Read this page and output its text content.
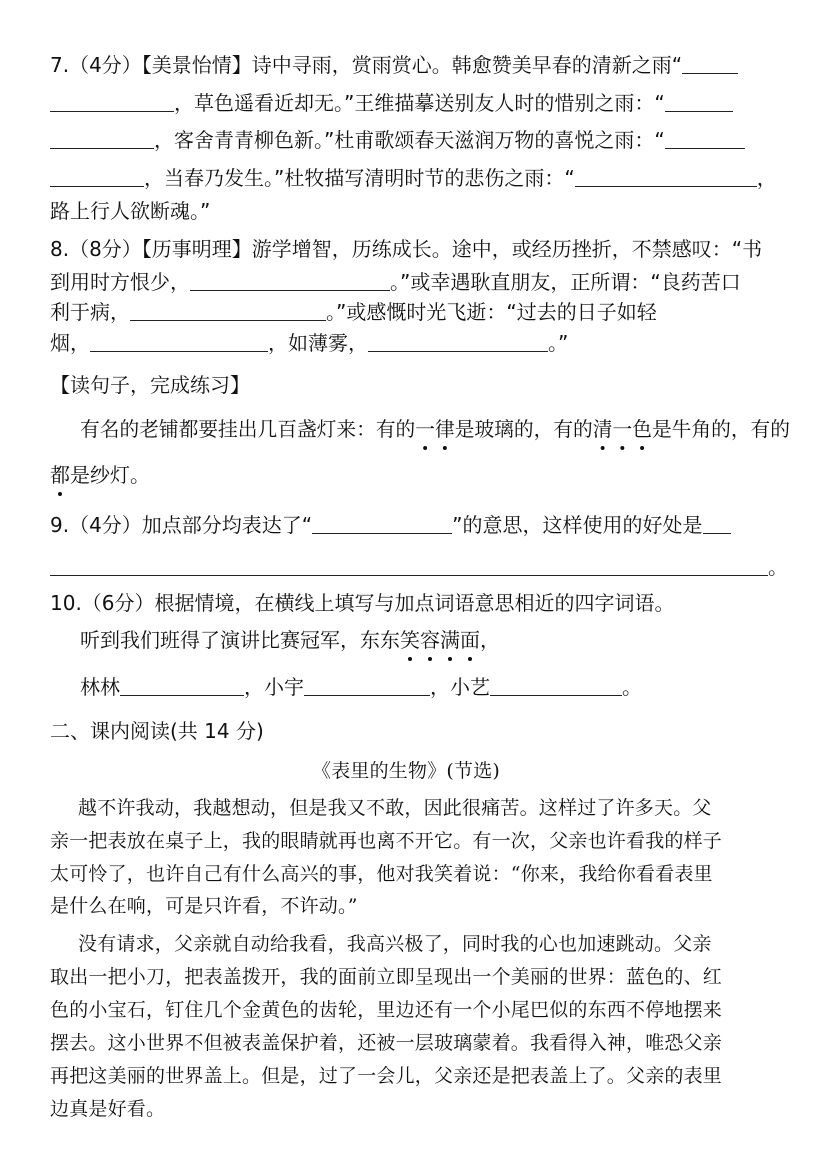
7.（4分）【美景怡情】诗中寻雨，赏雨赏心。韩愈赞美早春的清新之雨“
，草色遥看近却无。”王维描摹送别友人时的惜别之雨：“
，客舍青青柳色新。”杜甫歌颂春天滋润万物的喜悦之雨：“
，当春乃发生。”杜牧描写清明时节的悲伤之雨：“	，
路上行人欲断魂。”
8.（8分）【历事明理】游学增智，历练成长。途中，或经历挫折，不禁感叹：“书
到用时方恨少，	。”或幸遇耿直朋友，正所谓：“良药苦口
利于病，	。”或感慨时光飞逝：“过去的日子如轻
烟，	，如薄雾，	。”
【读句子，完成练习】
有名的老铺都要挂出几百盏灯来：有的一律是玻璃的，有的清一色是牛角的，有的
都是纱灯。
9.（4分）加点部分均表达了“	”的意思，这样使用的好处是
。
10.（6分）根据情境，在横线上填写与加点词语意思相近的四字词语。
听到我们班得了演讲比赛冠军，东东笑容满面，
林林	，小宇	，小艺	。
二、课内阅读(共 14 分)
《表里的生物》(节选)
越不许我动，我越想动，但是我又不敢，因此很痛苦。这样过了许多天。父
亲一把表放在桌子上，我的眼睛就再也离不开它。有一次，父亲也许看我的样子
太可怜了，也许自己有什么高兴的事，他对我笑着说：“你来，我给你看看表里
是什么在响，可是只许看，不许动。”
没有请求，父亲就自动给我看，我高兴极了，同时我的心也加速跳动。父亲
取出一把小刀，把表盖拨开，我的面前立即呈现出一个美丽的世界：蓝色的、红
色的小宝石，钉住几个金黄色的齿轮，里边还有一个小尾巴似的东西不停地摆来
摆去。这小世界不但被表盖保护着，还被一层玻璃蒙着。我看得入神，唯恐父亲
再把这美丽的世界盖上。但是，过了一会儿，父亲还是把表盖上了。父亲的表里
边真是好看。
